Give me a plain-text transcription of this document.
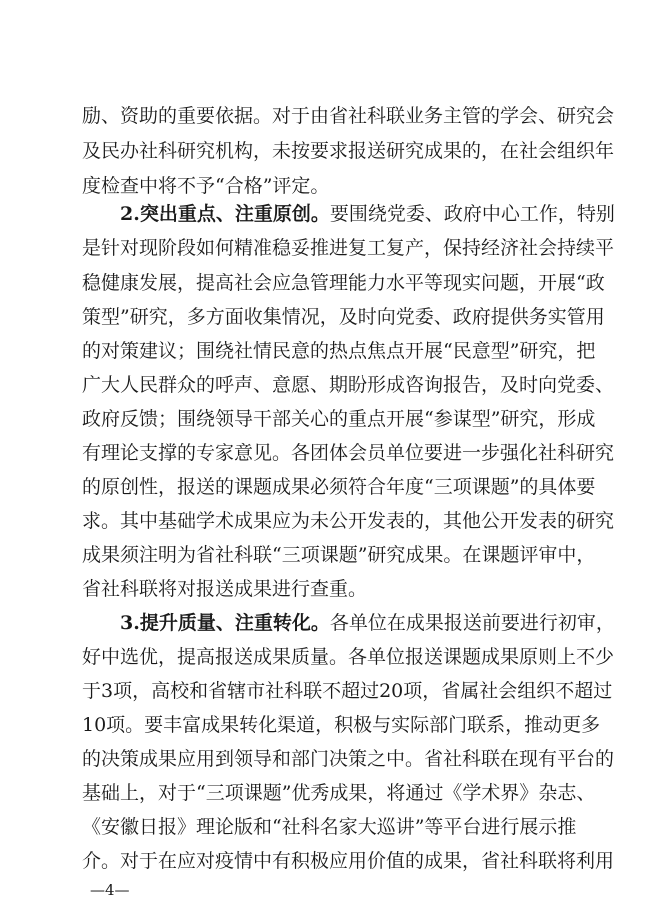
励、资助的重要依据。对于由省社科联业务主管的学会、研究会
及民办社科研究机构，未按要求报送研究成果的，在社会组织年
度检查中将不予“合格”评定。
2.突出重点、注重原创。要围绕党委、政府中心工作，特别
是针对现阶段如何精准稳妥推进复工复产，保持经济社会持续平
稳健康发展，提高社会应急管理能力水平等现实问题，开展“政
策型”研究，多方面收集情况，及时向党委、政府提供务实管用
的对策建议；围绕社情民意的热点焦点开展“民意型”研究，把
广大人民群众的呼声、意愿、期盼形成咨询报告，及时向党委、
政府反馈；围绕领导干部关心的重点开展“参谋型”研究，形成
有理论支撑的专家意见。各团体会员单位要进一步强化社科研究
的原创性，报送的课题成果必须符合年度“三项课题”的具体要
求。其中基础学术成果应为未公开发表的，其他公开发表的研究
成果须注明为省社科联“三项课题”研究成果。在课题评审中，
省社科联将对报送成果进行查重。
3.提升质量、注重转化。各单位在成果报送前要进行初审，
好中选优，提高报送成果质量。各单位报送课题成果原则上不少
于3项，高校和省辖市社科联不超过20项，省属社会组织不超过
10项。要丰富成果转化渠道，积极与实际部门联系，推动更多
的决策成果应用到领导和部门决策之中。省社科联在现有平台的
基础上，对于“三项课题”优秀成果，将通过《学术界》杂志、
《安徽日报》理论版和“社科名家大巡讲”等平台进行展示推
介。对于在应对疫情中有积极应用价值的成果，省社科联将利用
—4—
